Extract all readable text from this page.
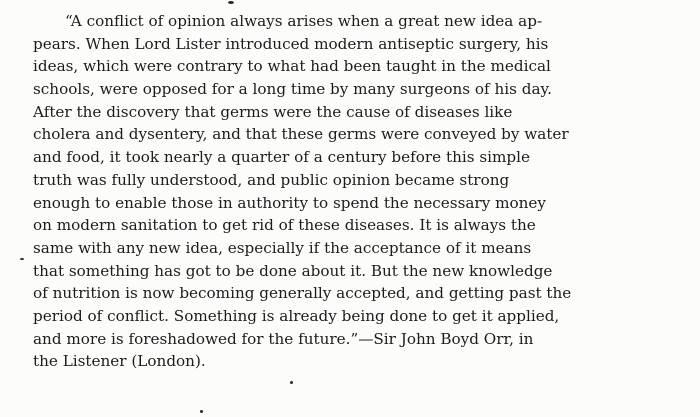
“A conflict of opinion always arises when a great new idea ap-
pears. When Lord Lister introduced modern antiseptic surgery, his
ideas, which were contrary to what had been taught in the medical
schools, were opposed for a long time by many surgeons of his day.
After the discovery that germs were the cause of diseases like
cholera and dysentery, and that these germs were conveyed by water
and food, it took nearly a quarter of a century before this simple
truth was fully understood, and public opinion became strong
enough to enable those in authority to spend the necessary money
on modern sanitation to get rid of these diseases. It is always the
same with any new idea, especially if the acceptance of it means
that something has got to be done about it. But the new knowledge
of nutrition is now becoming generally accepted, and getting past the
period of conflict. Something is already being done to get it applied,
and more is foreshadowed for the future.”—Sir John Boyd Orr, in
the Listener (London).
